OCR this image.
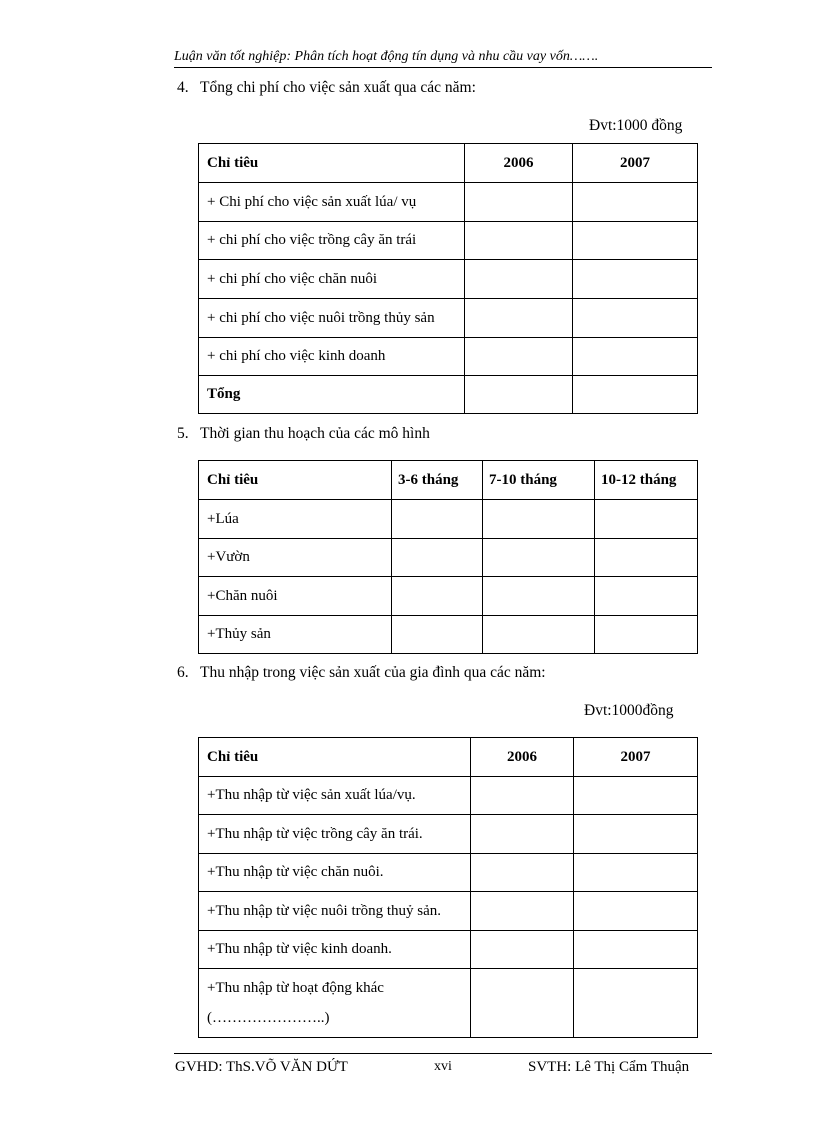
Luận văn tốt nghiệp: Phân tích hoạt động tín dụng và nhu cầu vay vốn…….
4. Tổng chi phí cho việc sản xuất qua các năm:
Đvt:1000 đồng
Chỉ tiêu	2006	2007
+ Chi phí cho việc sản xuất lúa/ vụ		
+ chi phí cho việc trồng cây ăn trái		
+ chi phí cho việc chăn nuôi		
+ chi phí cho việc nuôi trồng thủy sản		
+ chi phí cho việc kinh doanh		
Tổng		
5. Thời gian thu hoạch của các mô hình
Chỉ tiêu	3-6 tháng	7-10 tháng	10-12 tháng
+Lúa			
+Vườn			
+Chăn nuôi			
+Thủy sản			
6. Thu nhập trong việc sản xuất của gia đình qua các năm:
Đvt:1000đồng
Chỉ tiêu	2006	2007
+Thu nhập từ việc sản xuất lúa/vụ.		
+Thu nhập từ việc trồng cây ăn trái.		
+Thu nhập từ việc chăn nuôi.		
+Thu nhập từ việc nuôi trồng thuỷ sản.		
+Thu nhập từ việc kinh doanh.		

+Thu nhập từ hoạt động khác
(…………………..)		

GVHD: ThS.VÕ VĂN DỨT	xvi	SVTH: Lê Thị Cẩm Thuận
